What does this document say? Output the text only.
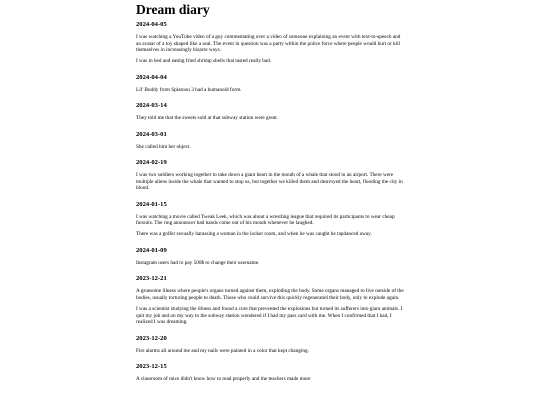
Dream diary
2024-04-05

I was watching a YouTube video of a guy commentating over a video of someone explaining an event with text-to-speech and an avatar of a toy shaped like a seal. The event in question was a party within the police force where people would hurt or kill themselves in increasingly bizarre ways.

I was in bed and eating fried shrimp shells that tasted really bad.

2024-04-04

Lil' Buddy from Splatoon 3 had a humanoid form.

2024-03-14

They told me that the sweets sold at that subway station were great.

2024-03-01

She called him her object.

2024-02-19

I was two soldiers working together to take down a giant heart in the mouth of a whale that stood in an airport. There were multiple aliens inside the whale that wanted to stop us, but together we killed them and destroyed the heart, flooding the city in blood.

2024-01-15

I was watching a movie called Tweak Leek, which was about a wrestling league that required its participants to wear cheap fursuits. The ring announcer had hands come out of his mouth whenever he laughed.

There was a golfer sexually harassing a woman in the locker room, and when he was caught he tapdanced away.

2024-01-09

Instagram users had to pay 500$ to change their username.

2023-12-21

A gruesome illness where people's organs turned against them, exploding the body. Some organs managed to live outside of the bodies, usually torturing people to death. Those who could survive this quickly regenerated their body, only to explode again.

I was a scientist studying the illness and found a cure that prevented the explosions but turned its sufferers into giant animals. I quit my job and on my way to the subway station wondered if I had my pass card with me. When I confirmed that I had, I realized I was dreaming.

2023-12-20

Fire alarms all around me and my nails were painted in a color that kept changing.

2023-12-15

A classroom of mice didn't know how to read properly and the teachers made more
